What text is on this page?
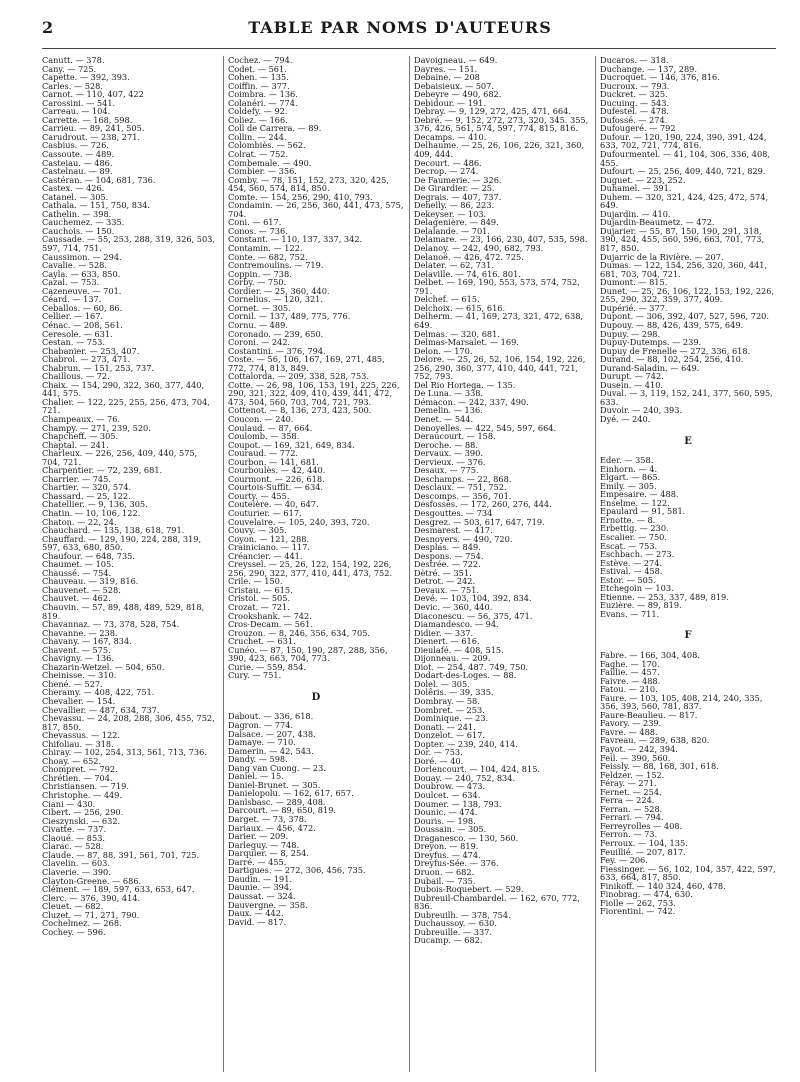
2	TABLE PAR NOMS D'AUTEURS
Canutt. — 378.
Cany. — 725.
Capette. — 392, 393.
Carles. — 528.
Carnot. — 110, 407, 422
Carossini. — 541.
Carreau. — 104.
Carrette. — 168, 598.
Carrieu. — 89, 241, 505.
Carudrout. — 238, 271.
Casbius. — 726.
Cassoute. — 489.
Casteiau. — 486.
Castelnau. — 89.
Castéran. — 104, 681, 736.
Castex. — 426.
Catanel. — 305.
Cathala. — 151, 750, 834.
Cathelin. — 398.
Cauchemez. — 335.
Cauchois. — 150.
Caussade. — 55, 253, 288, 319, 326, 503, 597, 714, 751.
Caussimon. — 294.
Cavalie. — 528.
Cayla. — 633, 850.
Cazal. — 753.
Cazeneuve. — 701.
Céard. — 137.
Ceballos. — 60, 86.
Cellier. — 167.
Cénac. — 208, 561.
Ceresole. — 631.
Cestan. — 753.
Chabanier. — 253, 407.
Chabrol. — 273, 471.
Chabrun. — 151, 253, 737.
Chaillous. — 72.
Chaix. — 154, 290, 322, 360, 377, 440, 441, 575.
Chalier. — 122, 225, 255, 256, 473, 704, 721.
Champeaux. — 76.
Champy. — 271, 239, 520.
Chapcheff. — 305.
Chaptal. — 241.
Charleux. — 226, 256, 409, 440, 575, 704, 721.
Charpentier. — 72, 239, 681.
Charrier. — 745.
Chartier. — 320, 574.
Chassard. — 25, 122.
Chatellier. — 9, 136, 305.
Chatin. — 10, 106, 122.
Chaton. — 22, 24.
Chauchard. — 135, 138, 618, 791.
Chauffard. — 129, 190, 224, 288, 319, 597, 633, 680, 850.
Chaufour. — 648, 735.
Chaumet. — 105.
Chaussé. — 754.
Chauveau. — 319, 816.
Chauvenet. — 528.
Chauvet. — 462.
Chauvin. — 57, 89, 488, 489, 529, 818, 819.
Chavannaz. — 73, 378, 528, 754.
Chavanne. — 238.
Chavany. — 167, 834.
Chavent. — 575.
Chavigny. — 136.
Chazarin-Wetzel. — 504, 650.
Cheinisse. — 310.
Chené. — 527.
Cheramy. — 408, 422, 751.
Chevalier. — 154.
Chevallier. — 487, 634, 737.
Chevassu. — 24, 208, 288, 306, 455, 752, 817, 850.
Chevassus. — 122.
Chifoliau. — 318.
Chiray. — 102, 254, 313, 561, 713, 736.
Choay. — 652.
Chompret. — 792.
Chrétien. — 704.
Christiansen. — 719.
Christophe. — 449.
Ciani — 430.
Cibert. — 256, 290.
Cieszynski. — 632.
Civatte. — 737.
Claoué. — 853.
Clarac. — 528.
Claude. — 87, 88, 391, 561, 701, 725.
Clavelin. — 603.
Claverie. — 390.
Clayton-Greene. — 686.
Clément. — 189, 597, 633, 653, 647.
Clerc. — 376, 390, 414.
Cleuet. — 682.
Cluzet. — 71, 271, 790.
Cochelmez. — 268.
Cochey. — 596.
Cochez. — 794.
Codet. — 561.
Cohen. — 135.
Coiffin. — 377.
Coimbra. — 136.
Colanéri. — 774.
Coldefy. — 92.
Coliez. — 166.
Coll de Carrera. — 89.
Collin. — 244.
Colombiès. — 562.
Colrat. — 752.
Combemale. — 490.
Combier. — 356.
Comby. — 78, 151, 152, 273, 320, 425, 454, 560, 574, 814, 850.
Comte. — 154, 256, 290, 410, 793.
Condamin. — 26, 256, 360, 441, 473, 575, 704.
Coni. — 617.
Conos. — 736.
Constant. — 110, 137, 337, 342.
Contamin. — 122.
Conte. — 682, 752.
Contremoulins. — 719.
Coppin. — 738.
Corby. — 750.
Cordier. — 25, 360, 440.
Cornelius. — 120, 321.
Cornet. — 305.
Cornil. — 137, 489, 775, 776.
Cornu. — 489.
Coronado. — 239, 650.
Coroni. — 242.
Costantini. — 376, 794.
Coste. — 56, 106, 167, 169, 271, 485, 772, 774, 813, 849.
Cottalorda. — 209, 338, 528, 753.
Cotte. — 26, 98, 106, 153, 191, 225, 226, 290, 321, 322, 409, 410, 439, 441, 472, 473, 504, 560, 703, 704, 721, 793.
Cottenot. — 8, 136, 273, 423, 500.
Coucon. — 240.
Coulaud. — 87, 664.
Coulomb. — 358.
Coupot. — 169, 321, 649, 834.
Couraud. — 772.
Courbon. — 141, 681.
Courboulès. — 42, 440.
Courmont. — 226, 618.
Courtois-Suffit. — 634.
Courty. — 455.
Couteière. — 40, 647.
Couturier. — 617.
Couvelaire. — 105, 240, 393, 720.
Couvy. — 305.
Coyon. — 121, 288.
Crainiciano. — 117.
Créancier. — 441.
Creyssel. — 25, 26, 122, 154, 192, 226, 256, 290, 322, 377, 410, 441, 473, 752.
Crile. — 150.
Cristau. — 615.
Cristol. — 505.
Crozat. — 721.
Crookshank. — 742.
Cros-Decam. — 561.
Crouzon. — 8, 246, 356, 634, 705.
Cruchet. — 631.
Cunéo. — 87, 150, 190, 287, 288, 356, 390, 423, 663, 704, 773.
Curie. — 559, 854.
Cury. — 751.
D
Dabout. — 336, 618.
Dagron. — 774.
Dalsace. — 207, 438.
Damaye. — 710.
Damerin. — 42, 543.
Dandy. — 598.
Dang van Cuong. — 23.
Daniel. — 15.
Daniel-Brunet. — 305.
Danielopolu. — 162, 617, 657.
Danlsbasc. — 289, 408.
Darcourt. — 89, 650, 819.
Darget. — 73, 378.
Dariaux. — 456, 472.
Darier. — 209.
Darleguy. — 748.
Darquier. — 8, 254.
Darré. — 455.
Dartigues. — 272, 306, 456, 735.
Daudin. — 191.
Daunie. — 394.
Daussat. — 324.
Dauvergne. — 358.
Daux. — 442.
David. — 817.
Davoigneau. — 649.
Dayres. — 151.
Debaine. — 208
Debaisieux. — 507.
Debeyre — 490, 682.
Debidour. — 191.
Debray. — 9, 129, 272, 425, 471, 664.
Debré. — 9, 152, 272, 273, 320, 345. 355, 376, 426, 561, 574, 597, 774, 815, 816.
Decamps. — 410.
Delhaume. — 25, 26, 106, 226, 321, 360, 409, 444.
Decourt. — 486.
Decrop. — 274.
De Faumerie. — 326.
De Girardier. — 25.
Degrais. — 407, 737.
Dehelly. — 86, 223.
Dekeyser. — 103.
Delagenière. — 849.
Delalande. — 701.
Delamare. — 23, 166, 230, 407, 535, 598.
Delanoy. — 242, 490, 682, 793.
Delanoë. — 426, 472. 725.
Delater. — 62, 731.
Delaville. — 74, 616. 801.
Delbet. — 169, 190, 553, 573, 574, 752, 791.
Delchef. — 615.
Delchoix. — 615, 616.
Delherm. — 41, 169, 273, 321, 472, 638, 649.
Delmas. — 320, 681.
Delmas-Marsalet. — 169.
Delon. — 170.
Delore. — 25, 26, 52, 106, 154, 192, 226, 256, 290, 360, 377, 410, 440, 441, 721, 752, 793.
Del Rio Hortega. — 135.
De Luna. — 338.
Démacon. — 242, 337, 490.
Demelin. — 136.
Denet. — 544.
Denoyelles. — 422, 545, 597, 664.
Deraucourt. — 158.
Deroche. — 88.
Dervaux. — 390.
Dervieux. — 376.
Desaux. — 775.
Deschamps. — 22, 868.
Desclaux. — 751, 752.
Descomps. — 356, 701.
Desfosses. — 172, 260, 276, 444.
Desgouttes. — 734
Desgrez. — 503, 617, 647, 719.
Desmarest. — 417.
Desnoyers. — 490, 720.
Desplas. — 849.
Despons. — 754.
Destrée. — 722.
Dètré. — 351.
Detrot. — 242.
Devaux. — 751.
Devé. — 103, 104, 392, 834.
Devic. — 360, 440.
Diaconescu. — 56, 375, 471.
Diamandesco. — 94.
Didier. — 337.
Dienert. — 616.
Dieulafé. — 408, 515.
Dijonneau. — 209.
Diot. — 254, 487. 749, 750.
Dodart-des-Loges. — 88.
Dolel. — 305.
Dolêris. — 39, 335.
Dombray. — 58.
Dombret. — 253.
Dominique. — 23.
Donati. — 241.
Donzelot. — 617.
Dopter. — 239, 240, 414.
Dor. — 753.
Doré. — 40.
Dorlencourt. — 104, 424, 815.
Douay. — 240, 752, 834.
Doubrow. — 473.
Doulcet. — 634.
Doumer. — 138, 793.
Dounic. — 474.
Douris. — 198.
Doussain. — 305.
Draganesco. — 130, 560.
Dreyon. — 819.
Dreyfus. — 474.
Dreyfus-Sée. — 376.
Druon. — 682.
Dubail. — 735.
Dubois-Roquebert. — 529.
Dubreuil-Chambardel. — 162, 670, 772, 836.
Dubreuilh. — 378, 754.
Duchaussoy. — 630.
Dubreuille. — 337.
Ducamp. — 682.
Ducaros. — 318.
Duchange. — 137, 289.
Ducroquet. — 146, 376, 816.
Ducroux. — 793.
Duckret. — 325.
Ducuing. — 543.
Dufestel. — 478.
Dufossé. — 274.
Dufougeré. — 792
Dufour. — 120, 190, 224, 390, 391, 424, 633, 702, 721, 774, 816.
Dufourmentel. — 41, 104, 306, 336, 408, 455.
Dufourt. — 25, 256, 409, 440, 721, 829.
Duguet. — 223, 252.
Duhamel. — 391.
Duhem. — 320, 321, 424, 425, 472, 574, 649.
Dujardin. — 410.
Dujardin-Beaumetz. — 472.
Dujarier. — 55, 87, 150, 190, 291, 318, 390, 424, 455, 560, 596, 663, 701, 773, 817, 850.
Dujarric de la Rivière. — 207.
Dumas. — 122, 154, 256, 320, 360, 441, 681, 703, 704, 721.
Dumont. — 815.
Dunet. — 25, 26, 106, 122, 153, 192, 226, 255, 290, 322, 359, 377, 409.
Dupérié. — 377.
Dupont. — 306, 392, 407, 527, 596, 720.
Dupouy. — 88, 426, 439, 575, 649.
Dupuy. — 298.
Dupuy-Dutemps. — 239.
Dupuy de Frenelle — 272, 336, 618.
Durand. — 88, 102, 254, 256, 410.
Durand-Saladin. — 649.
Durupt. — 742.
Dusein. — 410.
Duval. — 3, 119, 152, 241, 377, 560, 595, 633.
Duvoir. — 240, 393.
Dyé. — 240.
E
Eder. — 358.
Einhorn. — 4.
Elgart. — 865.
Emily. — 305.
Empesaire. — 488.
Enselme. — 122.
Epaulard — 91, 581.
Ernotte. — 8.
Erbettig. — 230.
Escalier. — 750.
Escat. — 753.
Eschbach. — 273.
Estève. — 274.
Estival. — 458.
Estor. — 505.
Etchegoin — 103.
Etienne. — 253, 337, 489, 819.
Euzière. — 89, 819.
Evans. — 711.
F
Fabre. — 166, 304, 408.
Faghe. — 170.
Faillie. — 457.
Faivre. — 488.
Fatou. — 210.
Faure. — 103, 105, 408, 214, 240, 335, 356, 393, 560, 781, 837.
Faure-Beaulieu. — 817.
Favory. — 239.
Favre. — 488.
Favreau. — 289, 638, 820.
Fayot. — 242, 394.
Feil. — 390, 560.
Feissly. — 88, 168, 301, 618.
Feldzer. — 152.
Féray. — 271.
Fernet. — 254.
Ferra — 224.
Ferran. — 528.
Ferrari. — 794.
Ferreyrolles — 408.
Ferron. — 73.
Ferroux. — 104, 135.
Feuillié. — 207, 817.
Fey. — 206.
Fiessinger. — 56, 102, 104, 357, 422, 597, 633, 664, 817, 850.
Finikoff. — 140 324, 460, 478.
Finobrag. — 474, 630.
Fiolle — 262, 753.
Fiorentini. — 742.
